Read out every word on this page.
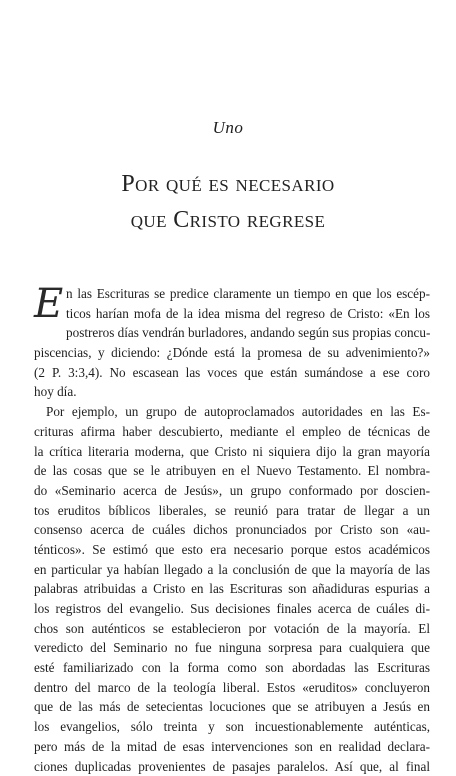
Uno
Por qué es necesario
que Cristo regrese
E n las Escrituras se predice claramente un tiempo en que los escép-
ticos harían mofa de la idea misma del regreso de Cristo: «En los
postreros días vendrán burladores, andando según sus propias concu-
piscencias, y diciendo: ¿Dónde está la promesa de su advenimiento?»
(2 P. 3:3,4). No escasean las voces que están sumándose a ese coro
hoy día.
Por ejemplo, un grupo de autoproclamados autoridades en las Es-
crituras afirma haber descubierto, mediante el empleo de técnicas de
la crítica literaria moderna, que Cristo ni siquiera dijo la gran mayoría
de las cosas que se le atribuyen en el Nuevo Testamento. El nombra-
do «Seminario acerca de Jesús», un grupo conformado por doscien-
tos eruditos bíblicos liberales, se reunió para tratar de llegar a un
consenso acerca de cuáles dichos pronunciados por Cristo son «au-
ténticos». Se estimó que esto era necesario porque estos académicos
en particular ya habían llegado a la conclusión de que la mayoría de las
palabras atribuidas a Cristo en las Escrituras son añadiduras espurias a
los registros del evangelio. Sus decisiones finales acerca de cuáles di-
chos son auténticos se establecieron por votación de la mayoría. El
veredicto del Seminario no fue ninguna sorpresa para cualquiera que
esté familiarizado con la forma como son abordadas las Escrituras
dentro del marco de la teología liberal. Estos «eruditos» concluyeron
que de las más de setecientas locuciones que se atribuyen a Jesús en
los evangelios, sólo treinta y son incuestionablemente auténticas,
pero más de la mitad de esas intervenciones son en realidad declara-
ciones duplicadas provenientes de pasajes paralelos. Así que, al final
